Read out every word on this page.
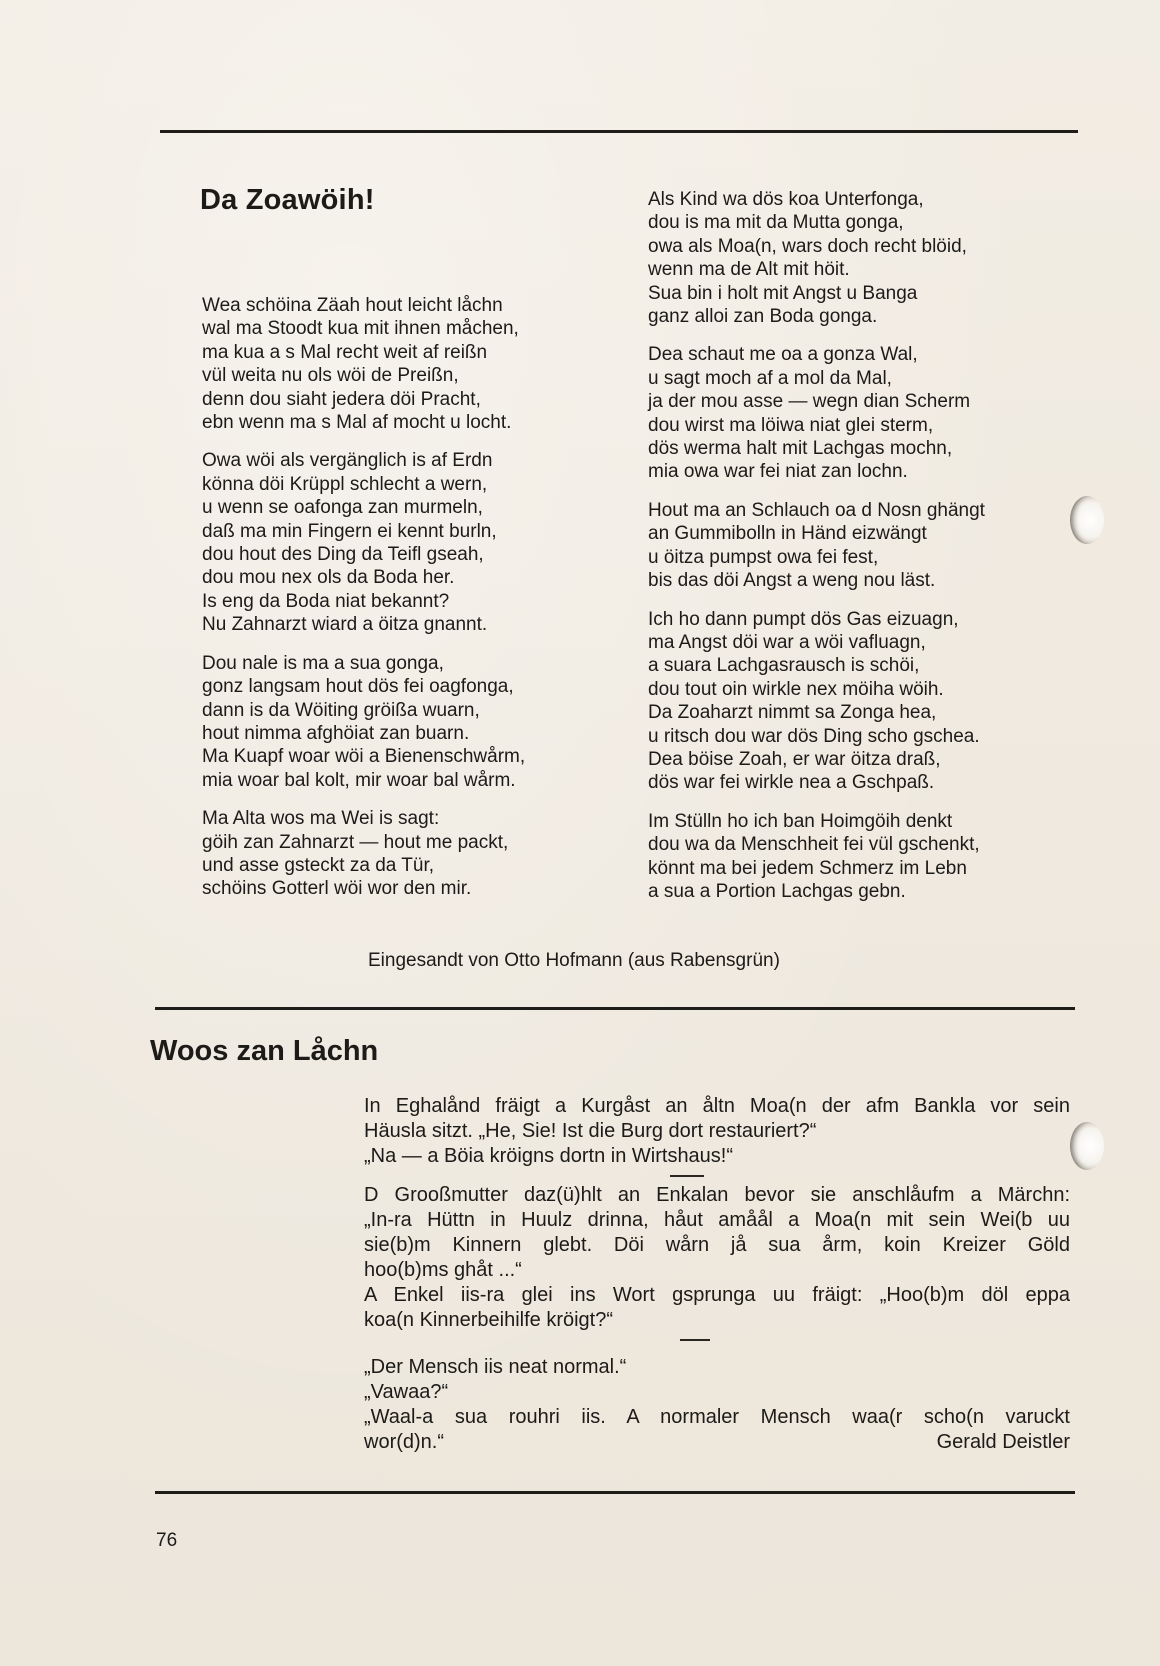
Da Zoawöih!
Wea schöina Zäah hout leicht låchn
wal ma Stoodt kua mit ihnen måchen,
ma kua a s Mal recht weit af reißn
vül weita nu ols wöi de Preißn,
denn dou siaht jedera döi Pracht,
ebn wenn ma s Mal af mocht u locht.
Owa wöi als vergänglich is af Erdn
könna döi Krüppl schlecht a wern,
u wenn se oafonga zan murmeln,
daß ma min Fingern ei kennt burln,
dou hout des Ding da Teifl gseah,
dou mou nex ols da Boda her.
Is eng da Boda niat bekannt?
Nu Zahnarzt wiard a öitza gnannt.
Dou nale is ma a sua gonga,
gonz langsam hout dös fei oagfonga,
dann is da Wöiting gröißa wuarn,
hout nimma afghöiat zan buarn.
Ma Kuapf woar wöi a Bienenschwårm,
mia woar bal kolt, mir woar bal wårm.
Ma Alta wos ma Wei is sagt:
göih zan Zahnarzt — hout me packt,
und asse gsteckt za da Tür,
schöins Gotterl wöi wor den mir.
Als Kind wa dös koa Unterfonga,
dou is ma mit da Mutta gonga,
owa als Moa(n, wars doch recht blöid,
wenn ma de Alt mit höit.
Sua bin i holt mit Angst u Banga
ganz alloi zan Boda gonga.
Dea schaut me oa a gonza Wal,
u sagt moch af a mol da Mal,
ja der mou asse — wegn dian Scherm
dou wirst ma löiwa niat glei sterm,
dös werma halt mit Lachgas mochn,
mia owa war fei niat zan lochn.
Hout ma an Schlauch oa d Nosn ghängt
an Gummibolln in Händ eizwängt
u öitza pumpst owa fei fest,
bis das döi Angst a weng nou läst.
Ich ho dann pumpt dös Gas eizuagn,
ma Angst döi war a wöi vafluagn,
a suara Lachgasrausch is schöi,
dou tout oin wirkle nex möiha wöih.
Da Zoaharzt nimmt sa Zonga hea,
u ritsch dou war dös Ding scho gschea.
Dea böise Zoah, er war öitza draß,
dös war fei wirkle nea a Gschpaß.
Im Stülln ho ich ban Hoimgöih denkt
dou wa da Menschheit fei vül gschenkt,
könnt ma bei jedem Schmerz im Lebn
a sua a Portion Lachgas gebn.
Eingesandt von Otto Hofmann (aus Rabensgrün)
Woos zan Låchn

In Eghalånd fräigt a Kurgåst an åltn Moa(n der afm Bankla vor sein

Häusla sitzt. „He, Sie! Ist die Burg dort restauriert?“

„Na — a Böia kröigns dortn in Wirtshaus!“

D Grooßmutter daz(ü)hlt an Enkalan bevor sie anschlåufm a Märchn:

„In-ra Hüttn in Huulz drinna, håut amåål a Moa(n mit sein Wei(b uu

sie(b)m Kinnern glebt. Döi wårn jå sua årm, koin Kreizer Göld

hoo(b)ms ghåt ...“

A Enkel iis-ra glei ins Wort gsprunga uu fräigt: „Hoo(b)m döl eppa

koa(n Kinnerbeihilfe kröigt?“

„Der Mensch iis neat normal.“

„Vawaa?“

„Waal-a sua rouhri iis. A normaler Mensch waa(r scho(n varuckt

wor(d)n.“	Gerald Deistler

76
